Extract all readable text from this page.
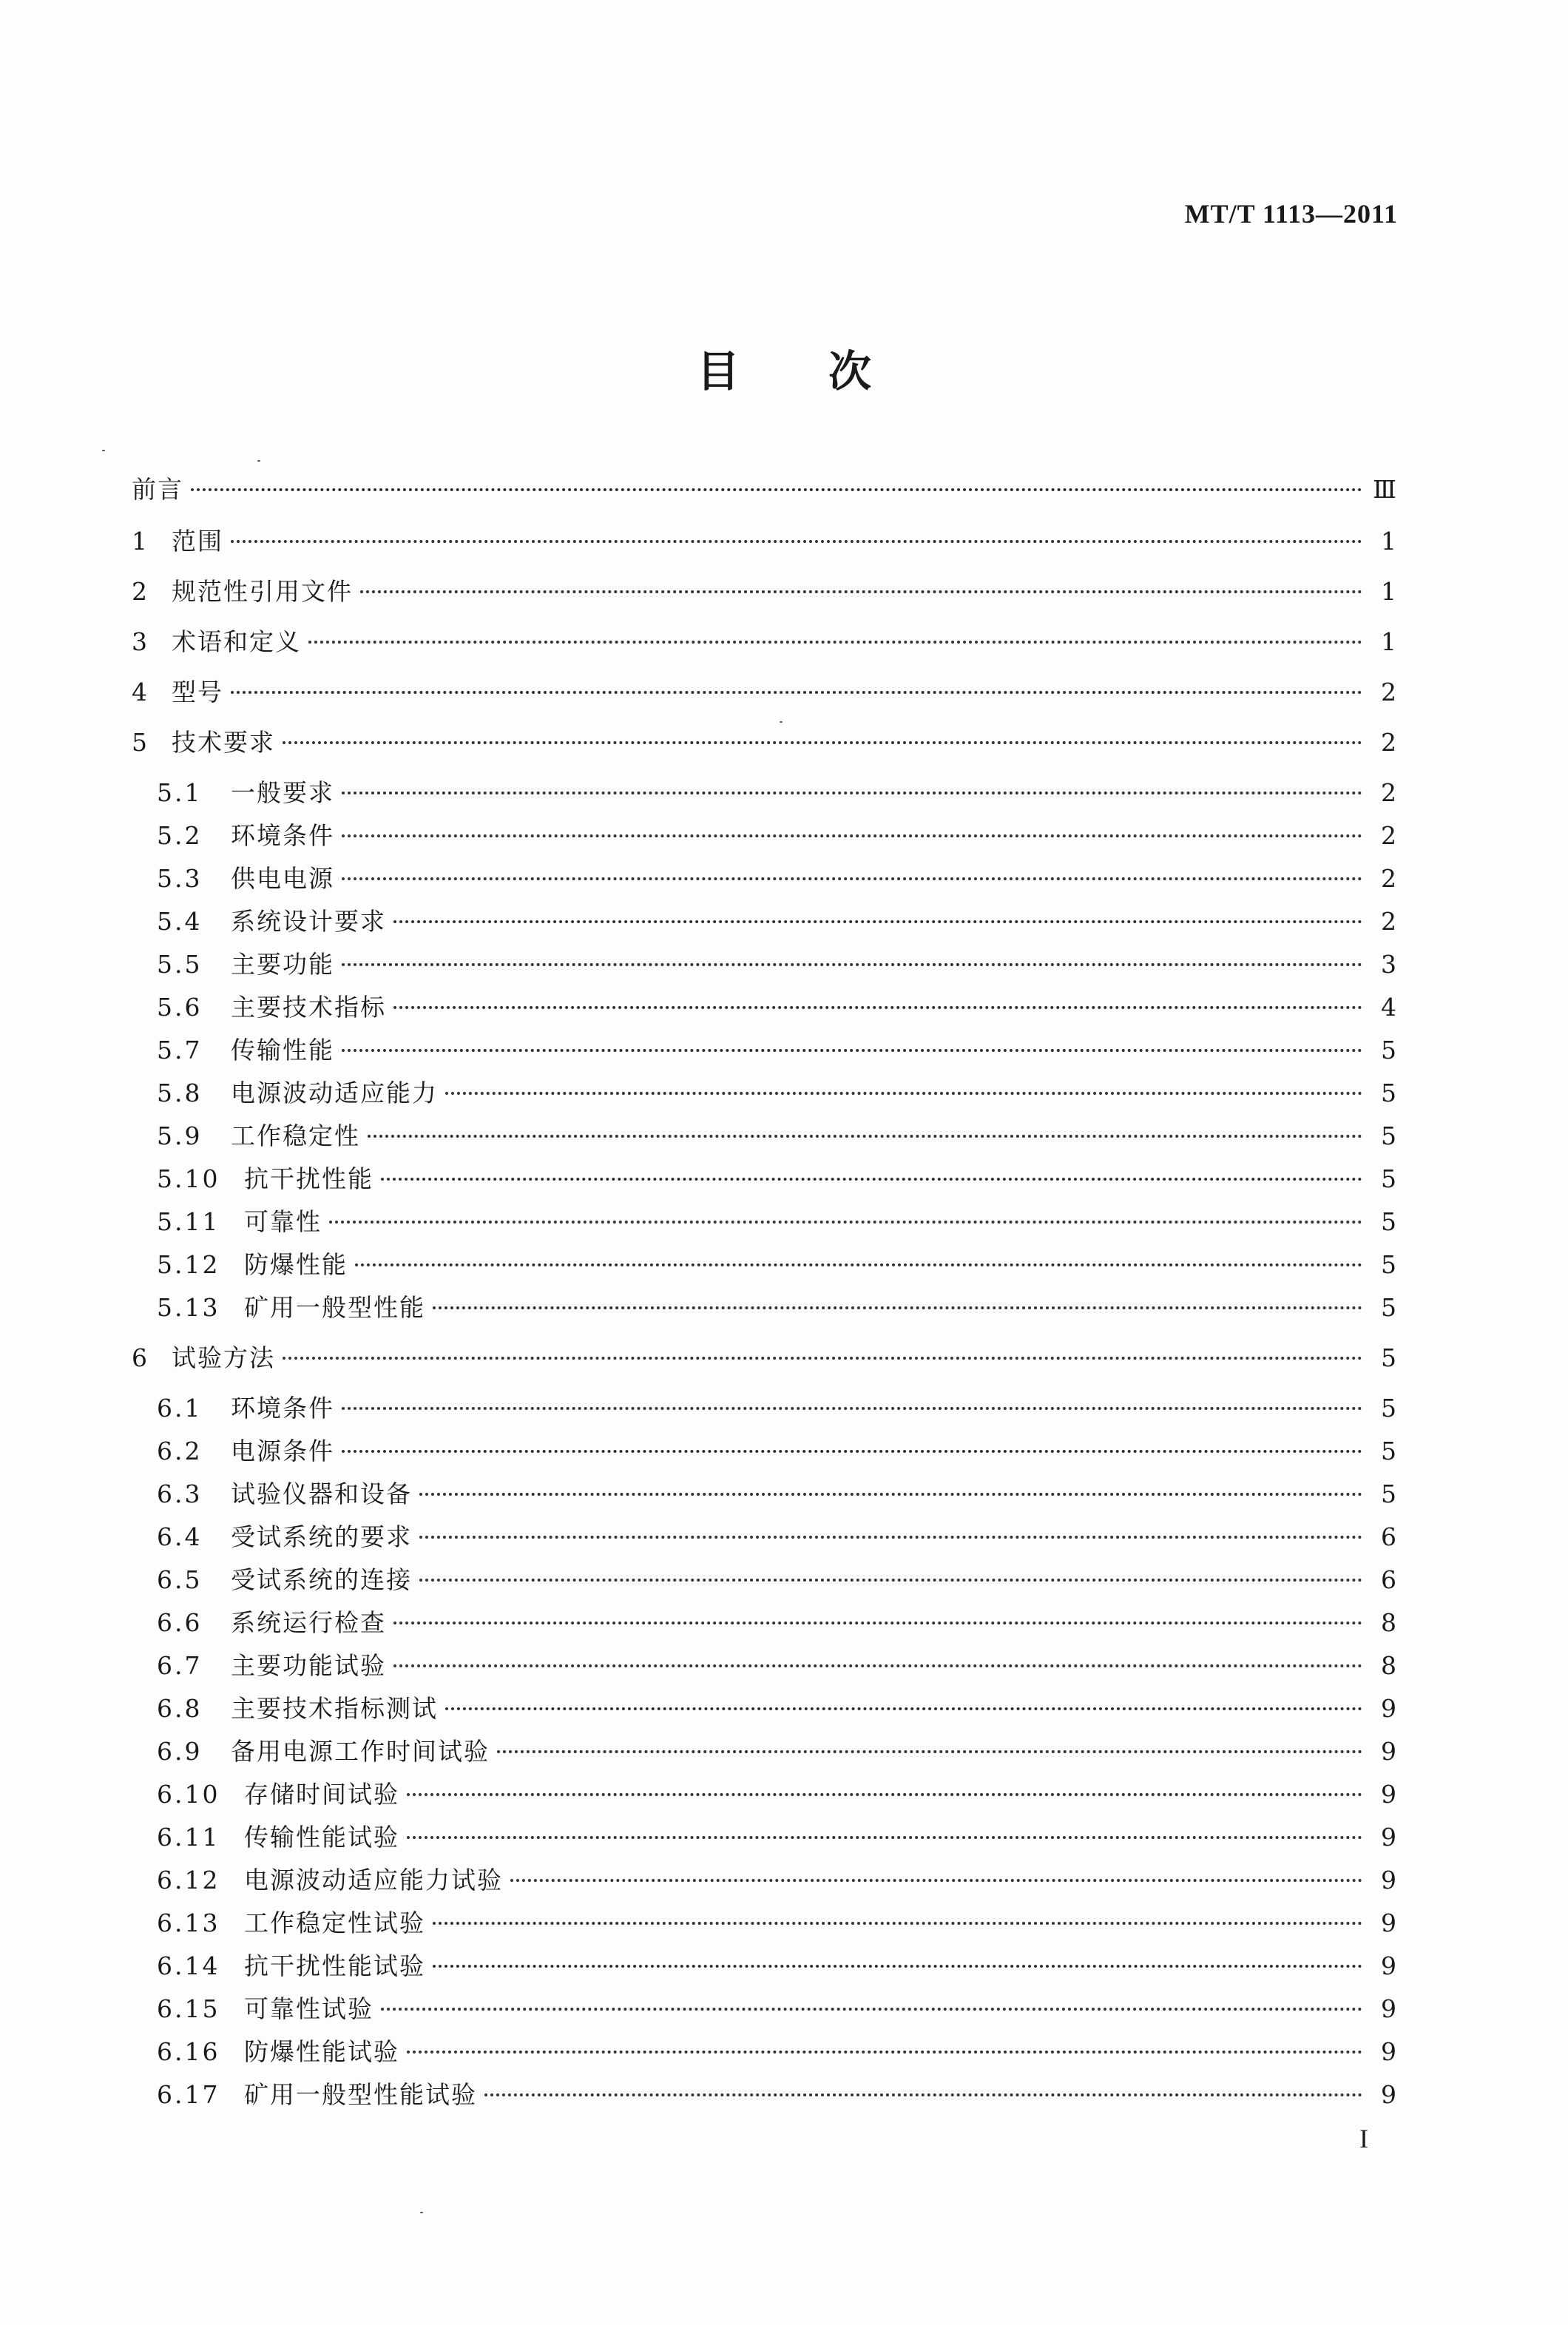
MT/T 1113—2011
目 次
前言	Ⅲ
1 范围	1
2 规范性引用文件	1
3 术语和定义	1
4 型号	2
5 技术要求	2
5.1	一般要求	2
5.2	环境条件	2
5.3	供电电源	2
5.4	系统设计要求	2
5.5	主要功能	3
5.6	主要技术指标	4
5.7	传输性能	5
5.8	电源波动适应能力	5
5.9	工作稳定性	5
5.10 抗干扰性能	5
5.11 可靠性	5
5.12 防爆性能	5
5.13 矿用一般型性能	5
6 试验方法	5
6.1	环境条件	5
6.2	电源条件	5
6.3	试验仪器和设备	5
6.4	受试系统的要求	6
6.5	受试系统的连接	6
6.6	系统运行检查	8
6.7	主要功能试验	8
6.8	主要技术指标测试	9
6.9	备用电源工作时间试验	9
6.10 存储时间试验	9
6.11 传输性能试验	9
6.12 电源波动适应能力试验	9
6.13 工作稳定性试验	9
6.14 抗干扰性能试验	9
6.15 可靠性试验	9
6.16 防爆性能试验	9
6.17 矿用一般型性能试验	9
I
